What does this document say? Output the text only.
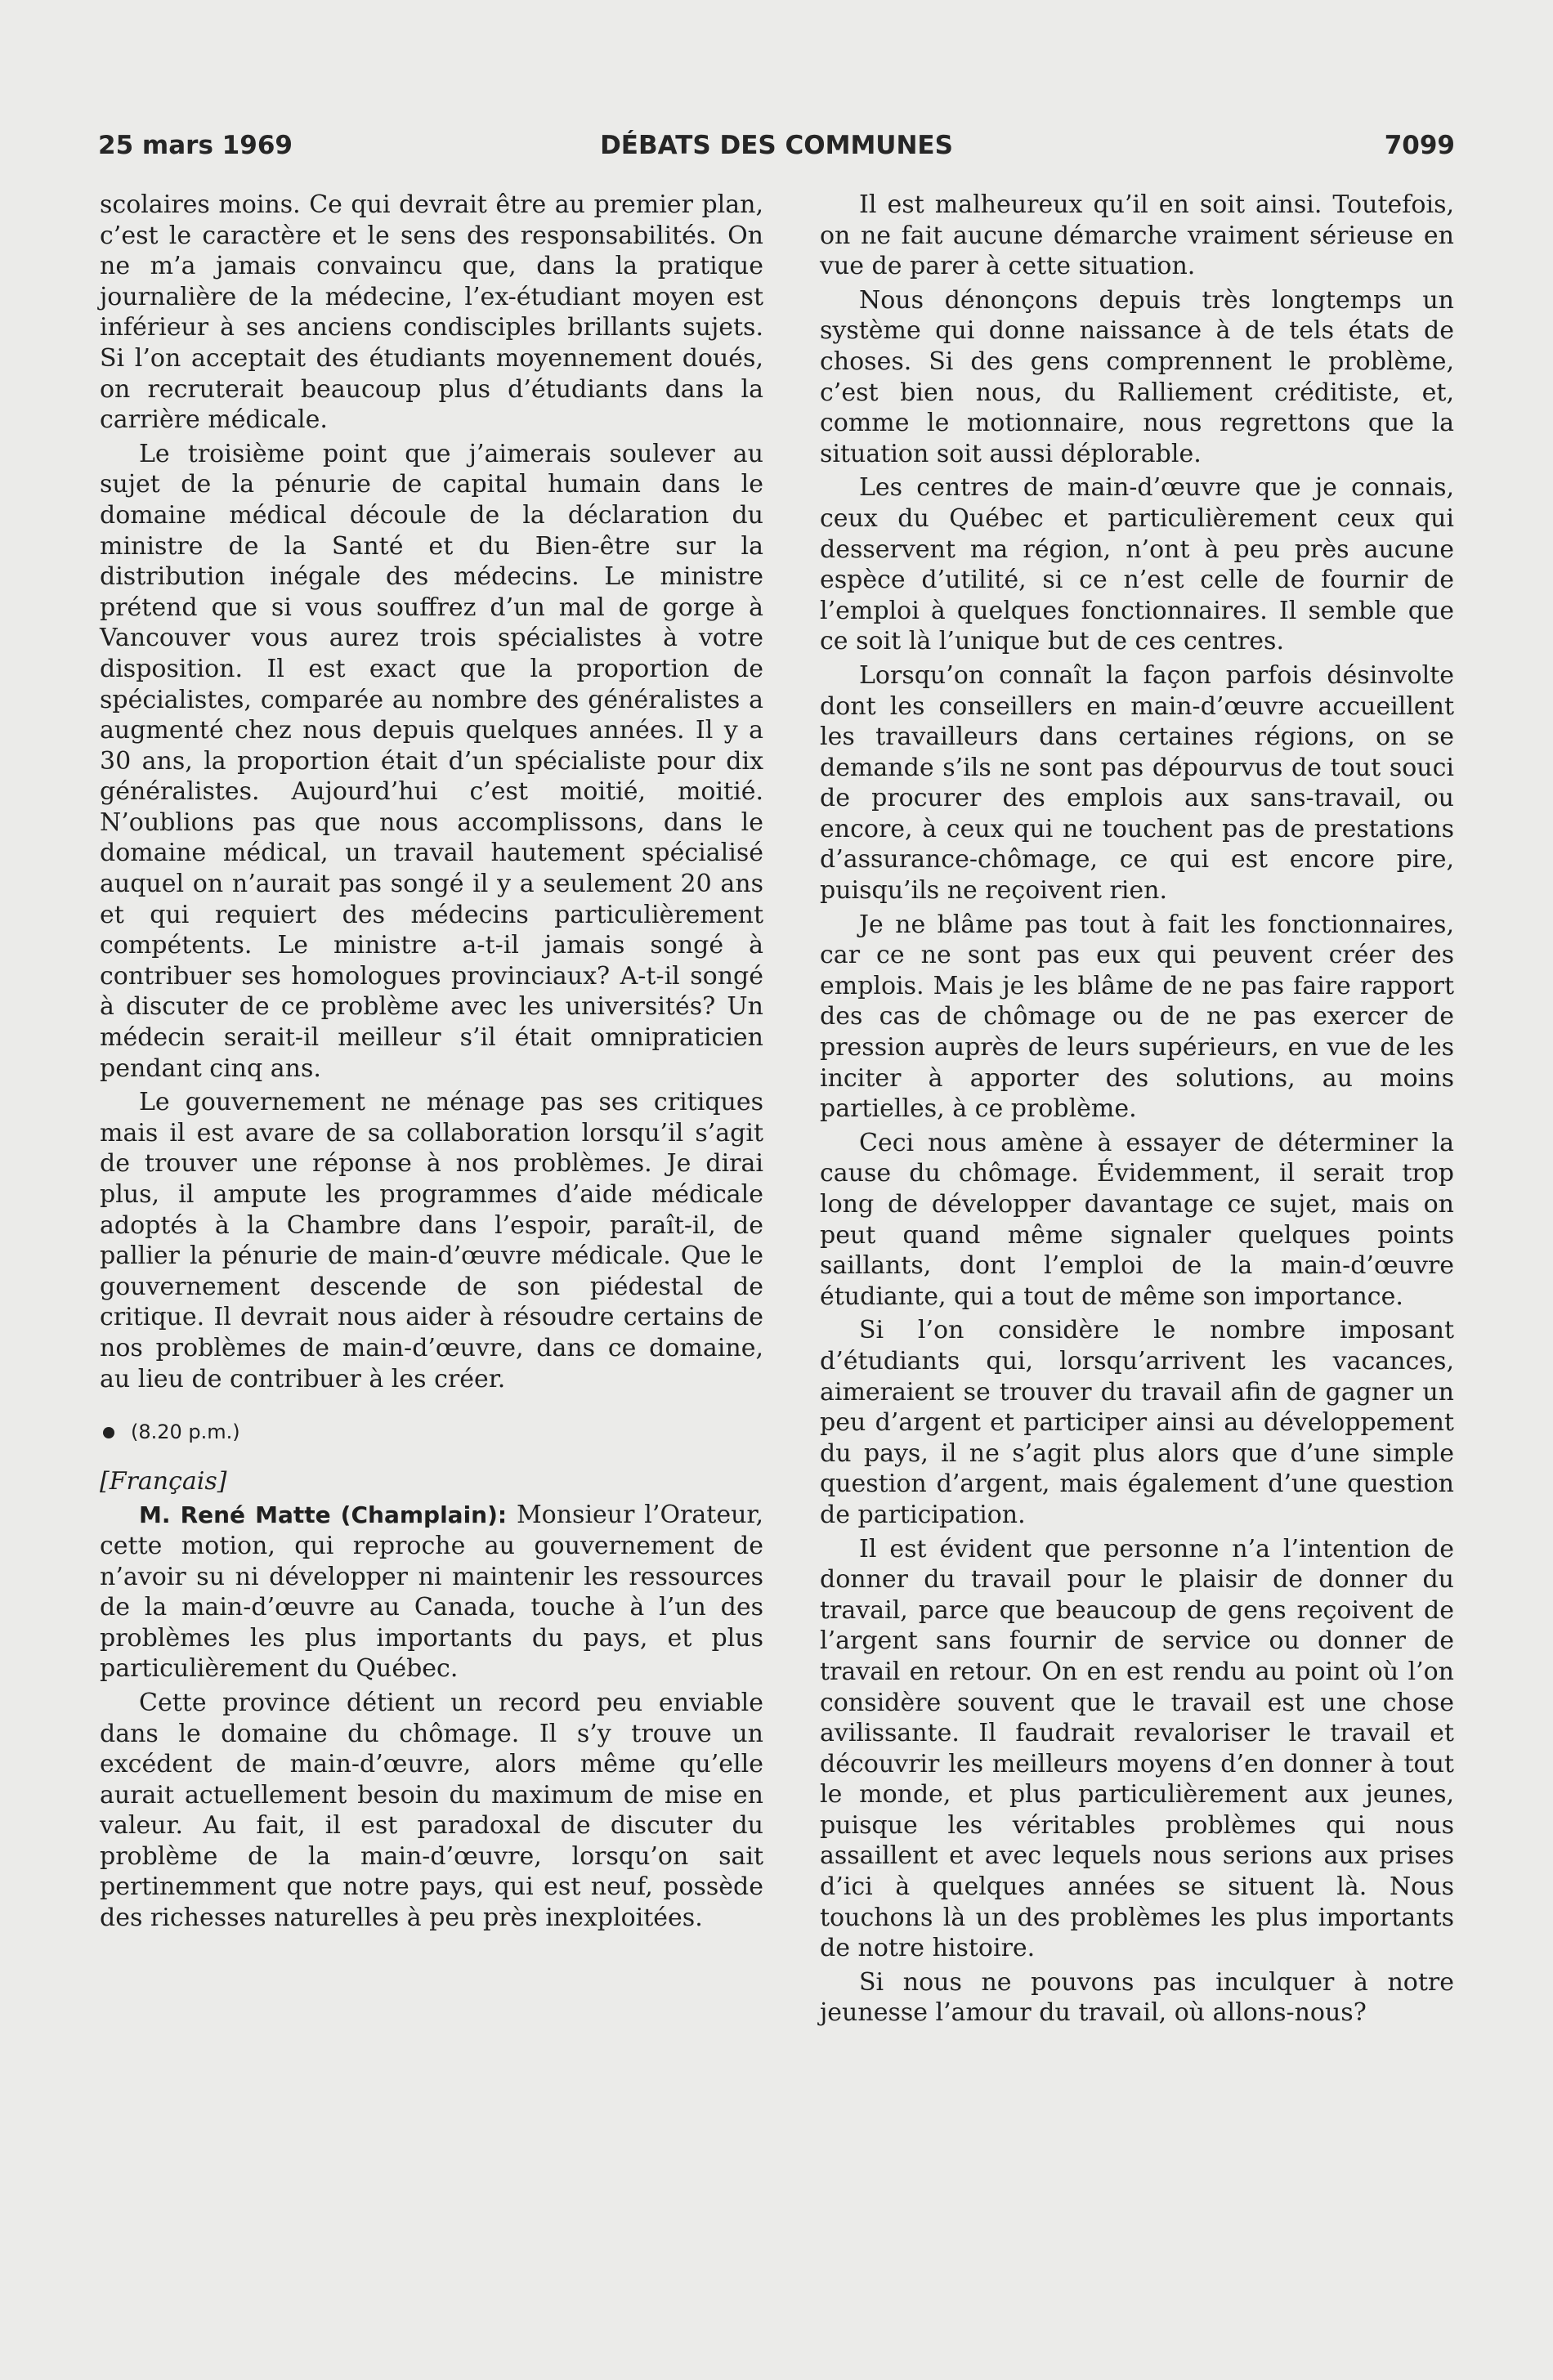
25 mars 1969	DÉBATS DES COMMUNES	7099

scolaires moins. Ce qui devrait être au premier plan, c’est le caractère et le sens des responsabilités. On ne m’a jamais convaincu que, dans la pratique journalière de la médecine, l’ex-étudiant moyen est inférieur à ses anciens condisciples brillants sujets. Si l’on acceptait des étudiants moyennement doués, on recruterait beaucoup plus d’étudiants dans la carrière médicale.

Le troisième point que j’aimerais soulever au sujet de la pénurie de capital humain dans le domaine médical découle de la déclaration du ministre de la Santé et du Bien-être sur la distribution inégale des médecins. Le ministre prétend que si vous souffrez d’un mal de gorge à Vancouver vous aurez trois spécialistes à votre disposition. Il est exact que la proportion de spécialistes, comparée au nombre des généralistes a augmenté chez nous depuis quelques années. Il y a 30 ans, la proportion était d’un spécialiste pour dix généralistes. Aujourd’hui c’est moitié, moitié. N’oublions pas que nous accomplissons, dans le domaine médical, un travail hautement spécialisé auquel on n’aurait pas songé il y a seulement 20 ans et qui requiert des médecins particulièrement compétents. Le ministre a-t-il jamais songé à contribuer ses homologues provinciaux? A-t-il songé à discuter de ce problème avec les universités? Un médecin serait-il meilleur s’il était omnipraticien pendant cinq ans.

Le gouvernement ne ménage pas ses critiques mais il est avare de sa collaboration lorsqu’il s’agit de trouver une réponse à nos problèmes. Je dirai plus, il ampute les programmes d’aide médicale adoptés à la Chambre dans l’espoir, paraît-il, de pallier la pénurie de main-d’œuvre médicale. Que le gouvernement descende de son piédestal de critique. Il devrait nous aider à résoudre certains de nos problèmes de main-d’œuvre, dans ce domaine, au lieu de contribuer à les créer.

(8.20 p.m.)

[Français]

M. René Matte (Champlain): Monsieur l’Orateur, cette motion, qui reproche au gouvernement de n’avoir su ni développer ni maintenir les ressources de la main-d’œuvre au Canada, touche à l’un des problèmes les plus importants du pays, et plus particulièrement du Québec.

Cette province détient un record peu enviable dans le domaine du chômage. Il s’y trouve un excédent de main-d’œuvre, alors même qu’elle aurait actuellement besoin du maximum de mise en valeur. Au fait, il est paradoxal de discuter du problème de la main-d’œuvre, lorsqu’on sait pertinemment que notre pays, qui est neuf, possède des richesses naturelles à peu près inexploitées.

Il est malheureux qu’il en soit ainsi. Toutefois, on ne fait aucune démarche vraiment sérieuse en vue de parer à cette situation.

Nous dénonçons depuis très longtemps un système qui donne naissance à de tels états de choses. Si des gens comprennent le problème, c’est bien nous, du Ralliement créditiste, et, comme le motionnaire, nous regrettons que la situation soit aussi déplorable.

Les centres de main-d’œuvre que je connais, ceux du Québec et particulièrement ceux qui desservent ma région, n’ont à peu près aucune espèce d’utilité, si ce n’est celle de fournir de l’emploi à quelques fonctionnaires. Il semble que ce soit là l’unique but de ces centres.

Lorsqu’on connaît la façon parfois désinvolte dont les conseillers en main-d’œuvre accueillent les travailleurs dans certaines régions, on se demande s’ils ne sont pas dépourvus de tout souci de procurer des emplois aux sans-travail, ou encore, à ceux qui ne touchent pas de prestations d’assurance-chômage, ce qui est encore pire, puisqu’ils ne reçoivent rien.

Je ne blâme pas tout à fait les fonctionnaires, car ce ne sont pas eux qui peuvent créer des emplois. Mais je les blâme de ne pas faire rapport des cas de chômage ou de ne pas exercer de pression auprès de leurs supérieurs, en vue de les inciter à apporter des solutions, au moins partielles, à ce problème.

Ceci nous amène à essayer de déterminer la cause du chômage. Évidemment, il serait trop long de développer davantage ce sujet, mais on peut quand même signaler quelques points saillants, dont l’emploi de la main-d’œuvre étudiante, qui a tout de même son importance.

Si l’on considère le nombre imposant d’étudiants qui, lorsqu’arrivent les vacances, aimeraient se trouver du travail afin de gagner un peu d’argent et participer ainsi au développement du pays, il ne s’agit plus alors que d’une simple question d’argent, mais également d’une question de participation.

Il est évident que personne n’a l’intention de donner du travail pour le plaisir de donner du travail, parce que beaucoup de gens reçoivent de l’argent sans fournir de service ou donner de travail en retour. On en est rendu au point où l’on considère souvent que le travail est une chose avilissante. Il faudrait revaloriser le travail et découvrir les meilleurs moyens d’en donner à tout le monde, et plus particulièrement aux jeunes, puisque les véritables problèmes qui nous assaillent et avec lequels nous serions aux prises d’ici à quelques années se situent là. Nous touchons là un des problèmes les plus importants de notre histoire.

Si nous ne pouvons pas inculquer à notre jeunesse l’amour du travail, où allons-nous?
